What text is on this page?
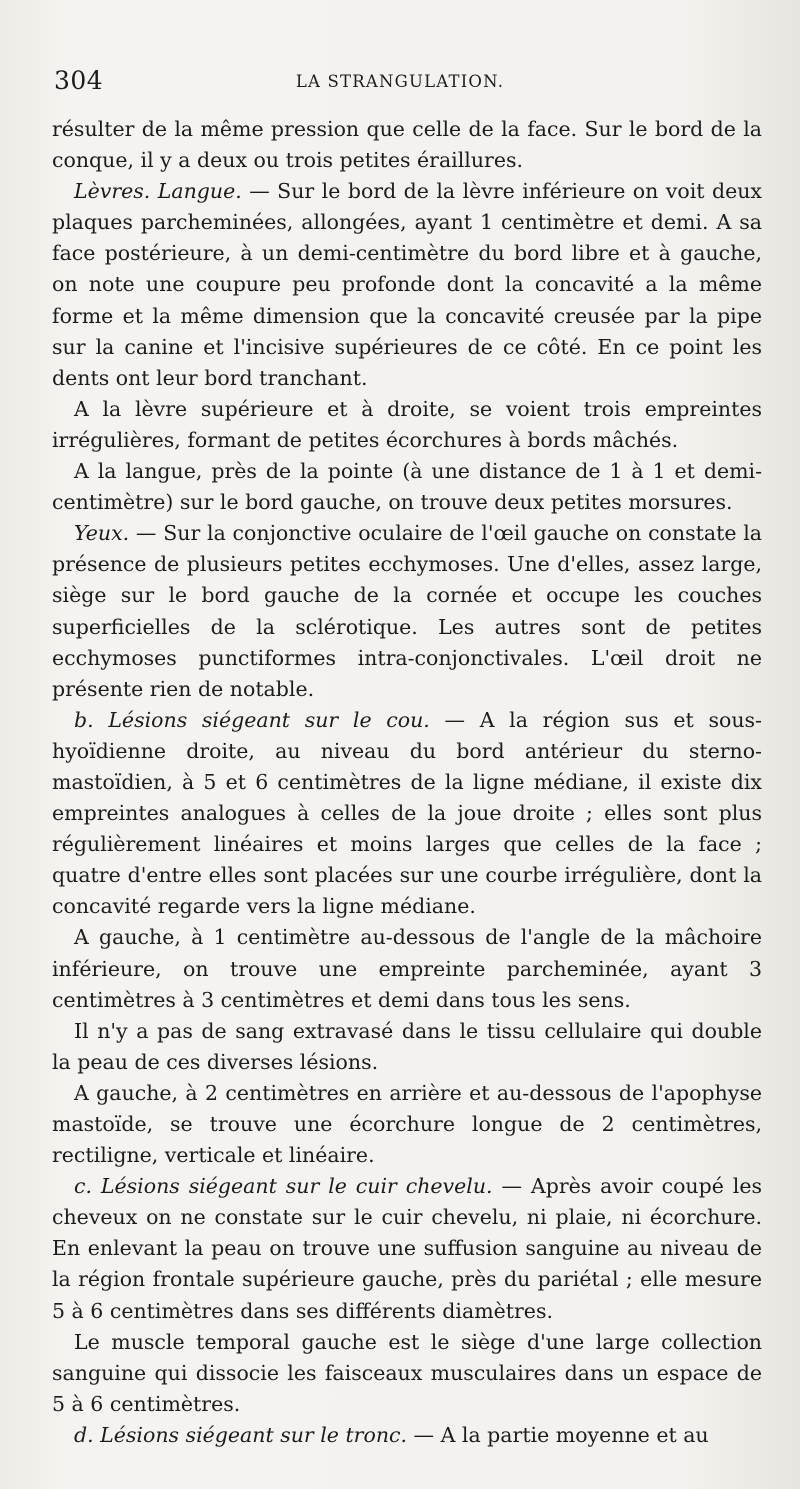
304	LA STRANGULATION.

résulter de la même pression que celle de la face. Sur le bord de la conque, il y a deux ou trois petites éraillures.

Lèvres. Langue. — Sur le bord de la lèvre inférieure on voit deux plaques parcheminées, allongées, ayant 1 centimètre et demi. A sa face postérieure, à un demi-centimètre du bord libre et à gauche, on note une coupure peu profonde dont la concavité a la même forme et la même dimension que la concavité creusée par la pipe sur la canine et l'incisive supérieures de ce côté. En ce point les dents ont leur bord tranchant.

A la lèvre supérieure et à droite, se voient trois empreintes irrégulières, formant de petites écorchures à bords mâchés.

A la langue, près de la pointe (à une distance de 1 à 1 et demi-centimètre) sur le bord gauche, on trouve deux petites morsures.

Yeux. — Sur la conjonctive oculaire de l'œil gauche on constate la présence de plusieurs petites ecchymoses. Une d'elles, assez large, siège sur le bord gauche de la cornée et occupe les couches superficielles de la sclérotique. Les autres sont de petites ecchymoses punctiformes intra-conjonctivales. L'œil droit ne présente rien de notable.

b. Lésions siégeant sur le cou. — A la région sus et sous-hyoïdienne droite, au niveau du bord antérieur du sterno-mastoïdien, à 5 et 6 centimètres de la ligne médiane, il existe dix empreintes analogues à celles de la joue droite ; elles sont plus régulièrement linéaires et moins larges que celles de la face ; quatre d'entre elles sont placées sur une courbe irrégulière, dont la concavité regarde vers la ligne médiane.

A gauche, à 1 centimètre au-dessous de l'angle de la mâchoire inférieure, on trouve une empreinte parcheminée, ayant 3 centimètres à 3 centimètres et demi dans tous les sens.

Il n'y a pas de sang extravasé dans le tissu cellulaire qui double la peau de ces diverses lésions.

A gauche, à 2 centimètres en arrière et au-dessous de l'apophyse mastoïde, se trouve une écorchure longue de 2 centimètres, rectiligne, verticale et linéaire.

c. Lésions siégeant sur le cuir chevelu. — Après avoir coupé les cheveux on ne constate sur le cuir chevelu, ni plaie, ni écorchure. En enlevant la peau on trouve une suffusion sanguine au niveau de la région frontale supérieure gauche, près du pariétal ; elle mesure 5 à 6 centimètres dans ses différents diamètres.

Le muscle temporal gauche est le siège d'une large collection sanguine qui dissocie les faisceaux musculaires dans un espace de 5 à 6 centimètres.

d. Lésions siégeant sur le tronc. — A la partie moyenne et au
